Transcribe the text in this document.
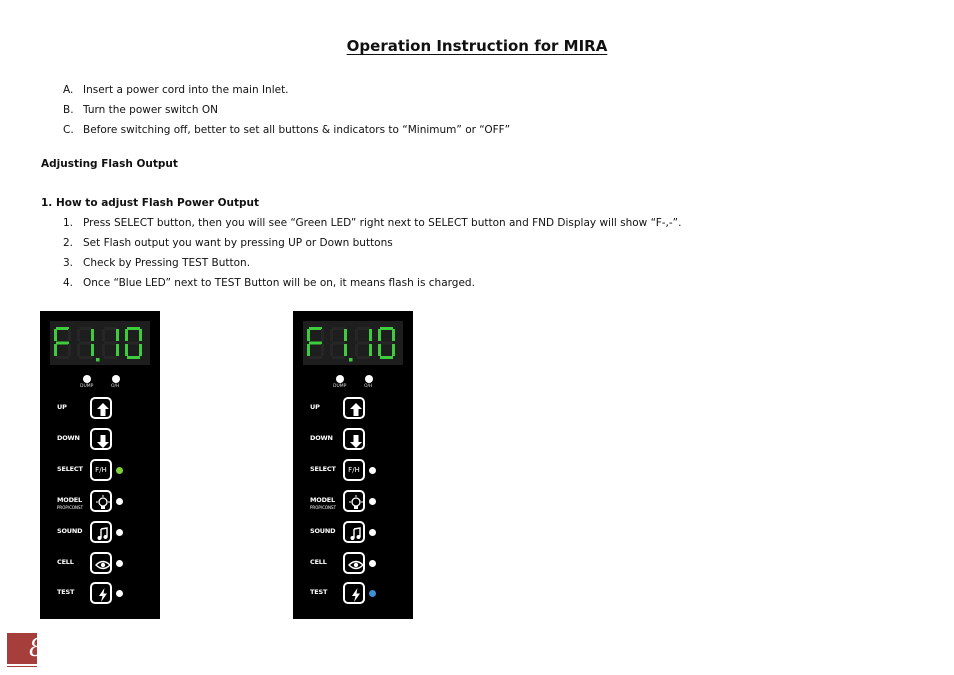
Operation Instruction for MIRA
A. Insert a power cord into the main Inlet.
B. Turn the power switch ON
C. Before switching off, better to set all buttons & indicators to “Minimum” or “OFF”
Adjusting Flash Output
1. How to adjust Flash Power Output
1. Press SELECT button, then you will see “Green LED” right next to SELECT button and FND Display will show “F-,-”.
2. Set Flash output you want by pressing UP or Down buttons
3. Check by Pressing TEST Button.
4. Once “Blue LED” next to TEST Button will be on, it means flash is charged.
DUMP	O/H
UP
DOWN
SELECT	F/H
MODEL
PROP/CONST
SOUND
CELL
TEST
DUMP	O/H
UP
DOWN
SELECT	F/H
MODEL
PROP/CONST
SOUND
CELL
TEST
8
